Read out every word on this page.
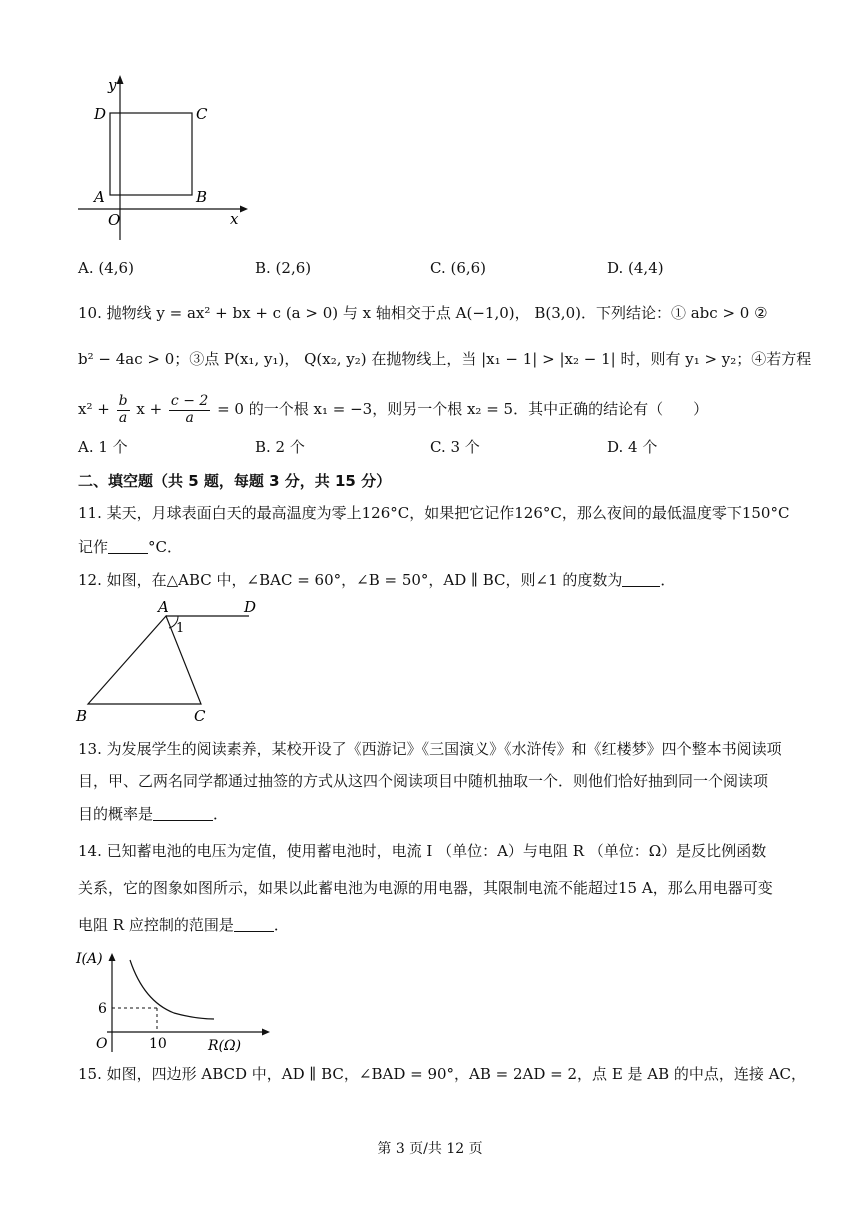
y
x
O
D	C
A	B
A. (4,6)	B. (2,6)	C. (6,6)	D. (4,4)
10. 抛物线 y = ax² + bx + c (a > 0) 与 x 轴相交于点 A(−1,0)， B(3,0)．下列结论：① abc > 0 ②
b² − 4ac > 0；③点 P(x₁, y₁)， Q(x₂, y₂) 在抛物线上，当 |x₁ − 1| > |x₂ − 1| 时，则有 y₁ > y₂；④若方程
$x^2 + \frac{b}{a}$ $x + \frac{c - 2}{a} = 0$ 的一个根 x₁ = −3，则另一个根 x₂ = 5．其中正确的结论有（　　）
A. 1 个	B. 2 个	C. 3 个	D. 4 个
二、填空题（共 5 题，每题 3 分，共 15 分）
11. 某天，月球表面白天的最高温度为零上126°C，如果把它记作126°C，那么夜间的最低温度零下150°C
记作	°C．
12. 如图，在△ABC 中，∠BAC = 60°，∠B = 50°，AD ∥ BC，则∠1 的度数为	．
A	D
B	C
1
13. 为发展学生的阅读素养，某校开设了《西游记》《三国演义》《水浒传》和《红楼梦》四个整本书阅读项
目，甲、乙两名同学都通过抽签的方式从这四个阅读项目中随机抽取一个．则他们恰好抽到同一个阅读项
目的概率是	．
14. 已知蓄电池的电压为定值，使用蓄电池时，电流 I （单位：A）与电阻 R （单位：Ω）是反比例函数
关系，它的图象如图所示，如果以此蓄电池为电源的用电器，其限制电流不能超过15 A，那么用电器可变
电阻 R 应控制的范围是	．
I(A)
R(Ω)
O
6
10
15. 如图，四边形 ABCD 中，AD ∥ BC，∠BAD = 90°，AB = 2AD = 2，点 E 是 AB 的中点，连接 AC，
第 3 页/共 12 页
